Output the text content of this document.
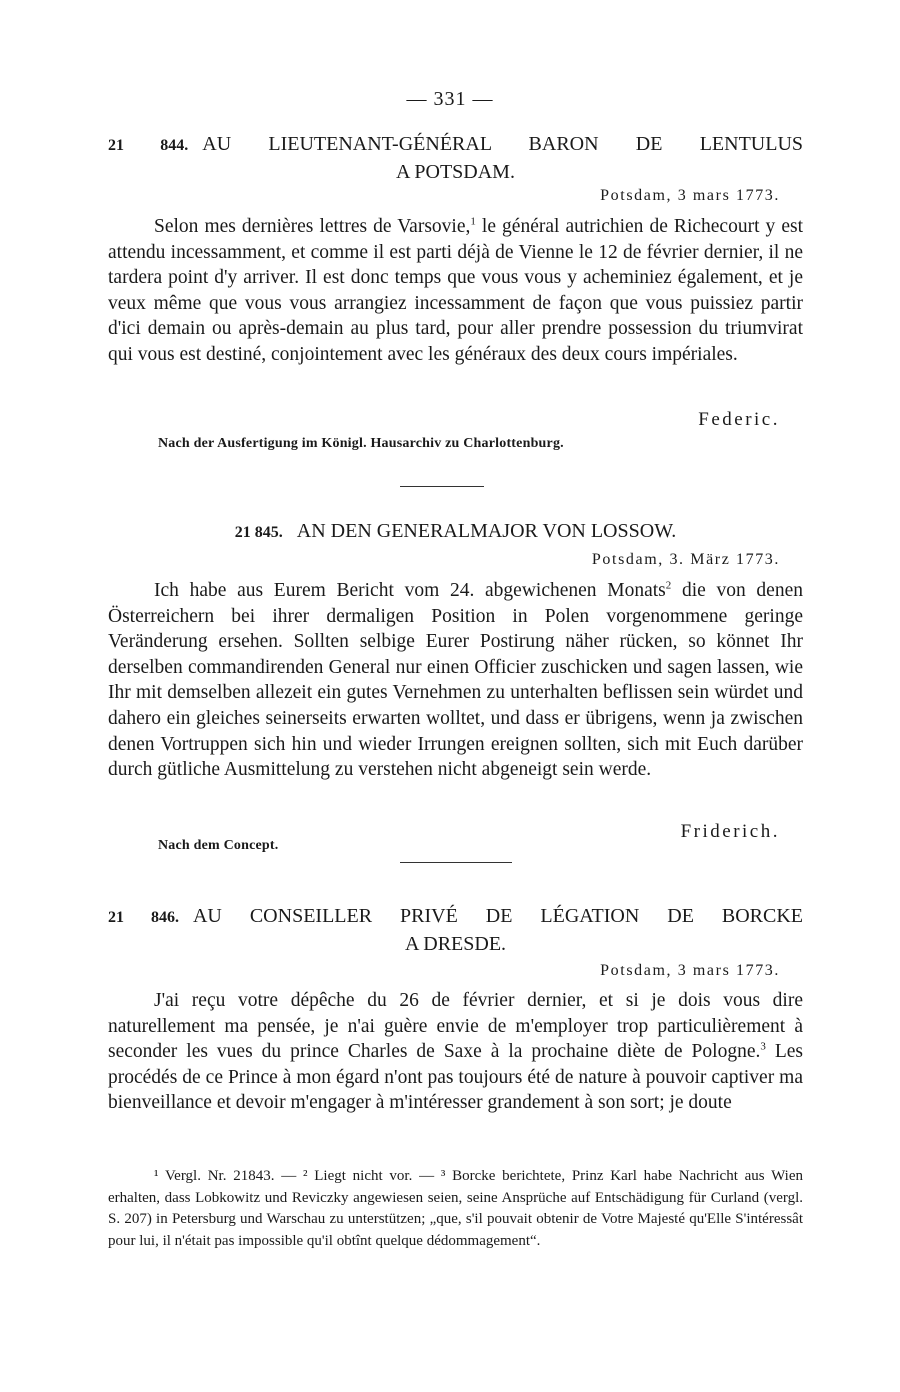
— 331 —
21 844. AU LIEUTENANT-GÉNÉRAL BARON DE LENTULUS
A POTSDAM.
Potsdam, 3 mars 1773.

Selon mes dernières lettres de Varsovie,$^1$ le général autrichien de Richecourt y est attendu incessamment, et comme il est parti déjà de Vienne le 12 de février dernier, il ne tardera point d'y arriver. Il est donc temps que vous vous y acheminiez également, et je veux même que vous vous arrangiez incessamment de façon que vous puissiez partir d'ici demain ou après-demain au plus tard, pour aller prendre possession du triumvirat qui vous est destiné, conjointement avec les généraux des deux cours impériales.

Federic.
Nach der Ausfertigung im Königl. Hausarchiv zu Charlottenburg.
21 845. AN DEN GENERALMAJOR VON LOSSOW.
Potsdam, 3. März 1773.

Ich habe aus Eurem Bericht vom 24. abgewichenen Monats$^2$ die von denen Österreichern bei ihrer dermaligen Position in Polen vorgenommene geringe Veränderung ersehen. Sollten selbige Eurer Postirung näher rücken, so könnet Ihr derselben commandirenden General nur einen Officier zuschicken und sagen lassen, wie Ihr mit demselben allezeit ein gutes Vernehmen zu unterhalten beflissen sein würdet und dahero ein gleiches seinerseits erwarten wolltet, und dass er übrigens, wenn ja zwischen denen Vortruppen sich hin und wieder Irrungen ereignen sollten, sich mit Euch darüber durch gütliche Ausmittelung zu verstehen nicht abgeneigt sein werde.

Friderich.
Nach dem Concept.
21 846. AU CONSEILLER PRIVÉ DE LÉGATION DE BORCKE
A DRESDE.
Potsdam, 3 mars 1773.

J'ai reçu votre dépêche du 26 de février dernier, et si je dois vous dire naturellement ma pensée, je n'ai guère envie de m'employer trop particulièrement à seconder les vues du prince Charles de Saxe à la prochaine diète de Pologne.$^3$ Les procédés de ce Prince à mon égard n'ont pas toujours été de nature à pouvoir captiver ma bienveillance et devoir m'engager à m'intéresser grandement à son sort; je doute

¹ Vergl. Nr. 21843. — ² Liegt nicht vor. — ³ Borcke berichtete, Prinz Karl habe Nachricht aus Wien erhalten, dass Lobkowitz und Reviczky angewiesen seien, seine Ansprüche auf Entschädigung für Curland (vergl. S. 207) in Petersburg und Warschau zu unterstützen; „que, s'il pouvait obtenir de Votre Majesté qu'Elle S'intéressât pour lui, il n'était pas impossible qu'il obtînt quelque dédommagement“.
